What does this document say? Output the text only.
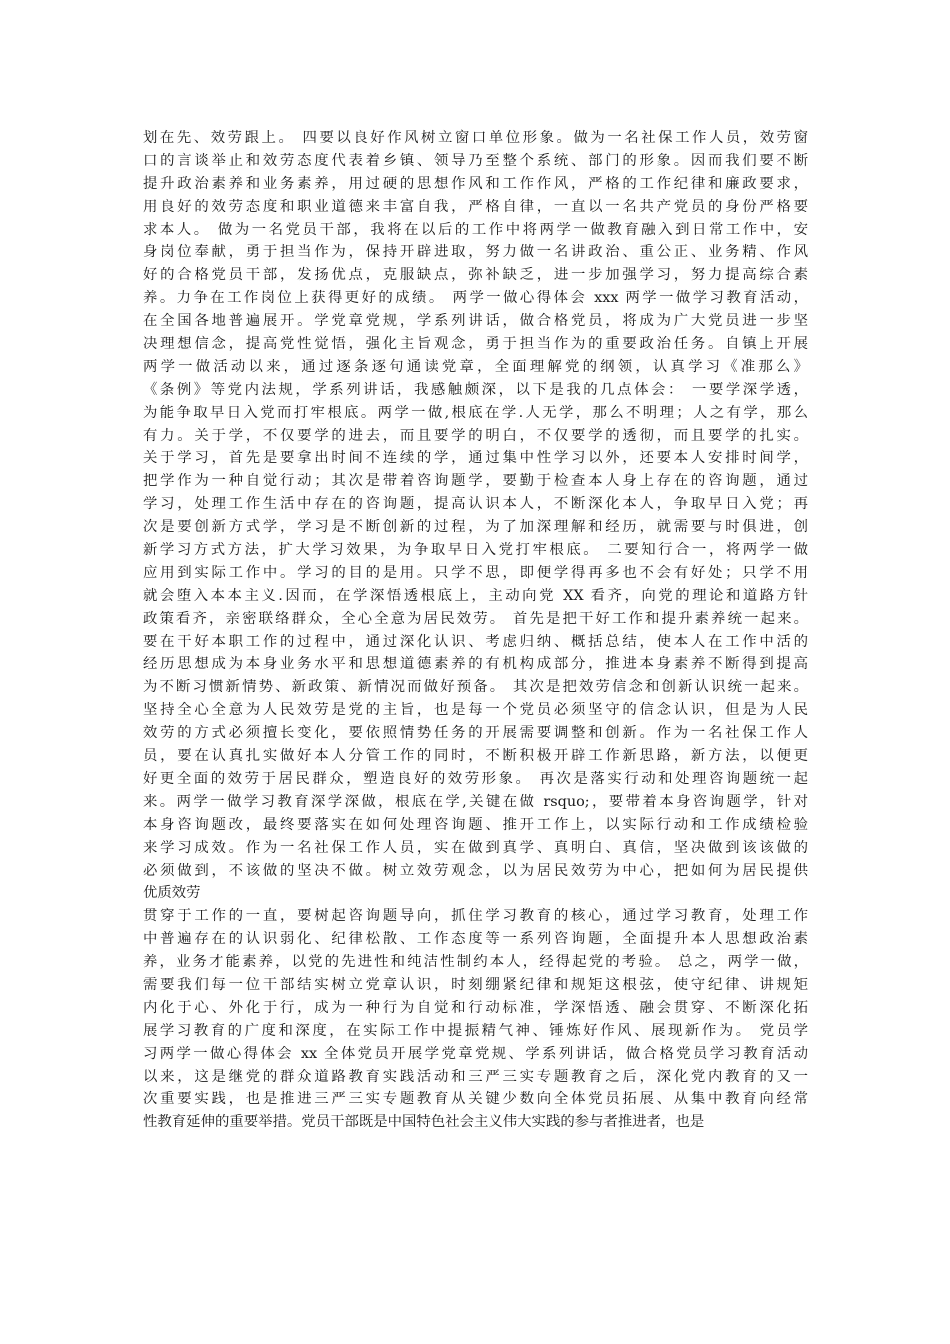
划在先、效劳跟上。 四要以良好作风树立窗口单位形象。做为一名社保工作人员，效劳窗
口的言谈举止和效劳态度代表着乡镇、领导乃至整个系统、部门的形象。因而我们要不断
提升政治素养和业务素养，用过硬的思想作风和工作作风，严格的工作纪律和廉政要求，
用良好的效劳态度和职业道德来丰富自我，严格自律，一直以一名共产党员的身份严格要
求本人。 做为一名党员干部，我将在以后的工作中将两学一做教育融入到日常工作中，安
身岗位奉献，勇于担当作为，保持开辟进取，努力做一名讲政治、重公正、业务精、作风
好的合格党员干部，发扬优点，克服缺点，弥补缺乏，进一步加强学习，努力提高综合素
养。力争在工作岗位上获得更好的成绩。 两学一做心得体会 xxx 两学一做学习教育活动，
在全国各地普遍展开。学党章党规，学系列讲话，做合格党员，将成为广大党员进一步坚
决理想信念，提高党性觉悟，强化主旨观念，勇于担当作为的重要政治任务。自镇上开展
两学一做活动以来，通过逐条逐句通读党章，全面理解党的纲领，认真学习《准那么》
《条例》等党内法规，学系列讲话，我感触颇深，以下是我的几点体会： 一要学深学透，
为能争取早日入党而打牢根底。两学一做,根底在学.人无学，那么不明理；人之有学，那么
有力。关于学，不仅要学的进去，而且要学的明白，不仅要学的透彻，而且要学的扎实。
关于学习，首先是要拿出时间不连续的学，通过集中性学习以外，还要本人安排时间学，
把学作为一种自觉行动；其次是带着咨询题学，要勤于检查本人身上存在的咨询题，通过
学习，处理工作生活中存在的咨询题，提高认识本人，不断深化本人，争取早日入党；再
次是要创新方式学，学习是不断创新的过程，为了加深理解和经历，就需要与时俱进，创
新学习方式方法，扩大学习效果，为争取早日入党打牢根底。 二要知行合一，将两学一做
应用到实际工作中。学习的目的是用。只学不思，即便学得再多也不会有好处；只学不用
就会堕入本本主义.因而，在学深悟透根底上，主动向党 XX 看齐，向党的理论和道路方针
政策看齐，亲密联络群众，全心全意为居民效劳。 首先是把干好工作和提升素养统一起来。
要在干好本职工作的过程中，通过深化认识、考虑归纳、概括总结，使本人在工作中活的
经历思想成为本身业务水平和思想道德素养的有机构成部分，推进本身素养不断得到提高
为不断习惯新情势、新政策、新情况而做好预备。 其次是把效劳信念和创新认识统一起来。
坚持全心全意为人民效劳是党的主旨，也是每一个党员必须坚守的信念认识，但是为人民
效劳的方式必须擅长变化，要依照情势任务的开展需要调整和创新。作为一名社保工作人
员，要在认真扎实做好本人分管工作的同时，不断积极开辟工作新思路，新方法，以便更
好更全面的效劳于居民群众，塑造良好的效劳形象。 再次是落实行动和处理咨询题统一起
来。两学一做学习教育深学深做，根底在学,关键在做 rsquo;，要带着本身咨询题学，针对
本身咨询题改，最终要落实在如何处理咨询题、推开工作上，以实际行动和工作成绩检验
来学习成效。作为一名社保工作人员，实在做到真学、真明白、真信，坚决做到该该做的
必须做到，不该做的坚决不做。树立效劳观念，以为居民效劳为中心，把如何为居民提供
优质效劳
贯穿于工作的一直，要树起咨询题导向，抓住学习教育的核心，通过学习教育，处理工作
中普遍存在的认识弱化、纪律松散、工作态度等一系列咨询题，全面提升本人思想政治素
养，业务才能素养，以党的先进性和纯洁性制约本人，经得起党的考验。 总之，两学一做，
需要我们每一位干部结实树立党章认识，时刻绷紧纪律和规矩这根弦，使守纪律、讲规矩
内化于心、外化于行，成为一种行为自觉和行动标准，学深悟透、融会贯穿、不断深化拓
展学习教育的广度和深度，在实际工作中提振精气神、锤炼好作风、展现新作为。 党员学
习两学一做心得体会 xx 全体党员开展学党章党规、学系列讲话，做合格党员学习教育活动
以来，这是继党的群众道路教育实践活动和三严三实专题教育之后，深化党内教育的又一
次重要实践，也是推进三严三实专题教育从关键少数向全体党员拓展、从集中教育向经常
性教育延伸的重要举措。党员干部既是中国特色社会主义伟大实践的参与者推进者，也是
